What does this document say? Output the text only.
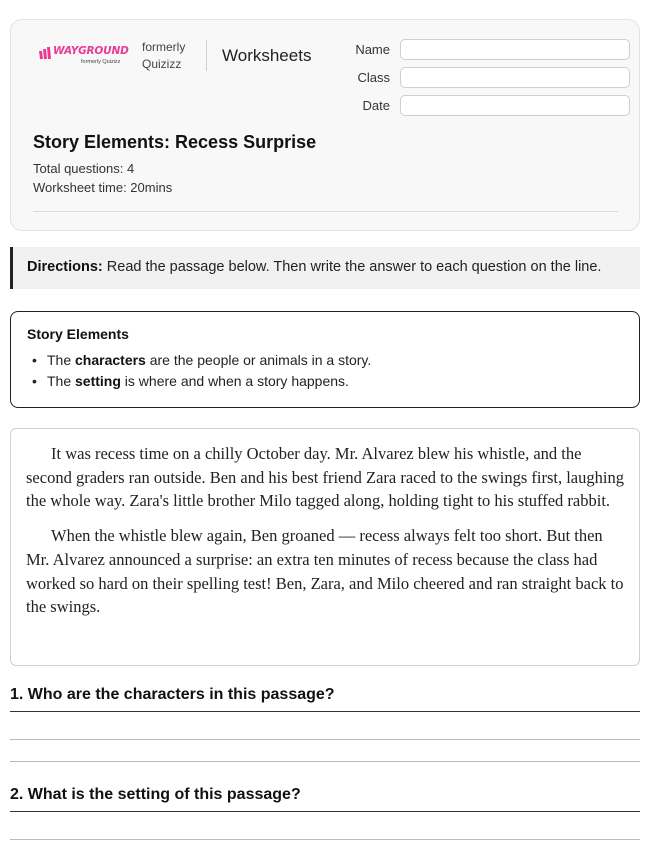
WAYGROUND
formerly Quizizz
formerly
Quizizz	Worksheets	Name
Class
Date
Story Elements: Recess Surprise
Total questions: 4
Worksheet time: 20mins
Directions: Read the passage below. Then write the answer to each question on the line.
Story Elements
• The characters are the people or animals in a story.
• The setting is where and when a story happens.

It was recess time on a chilly October day. Mr. Alvarez blew his whistle, and the second graders ran outside. Ben and his best friend Zara raced to the swings first, laughing the whole way. Zara's little brother Milo tagged along, holding tight to his stuffed rabbit.

When the whistle blew again, Ben groaned — recess always felt too short. But then Mr. Alvarez announced a surprise: an extra ten minutes of recess because the class had worked so hard on their spelling test! Ben, Zara, and Milo cheered and ran straight back to the swings.

1. Who are the characters in this passage?
2. What is the setting of this passage?
